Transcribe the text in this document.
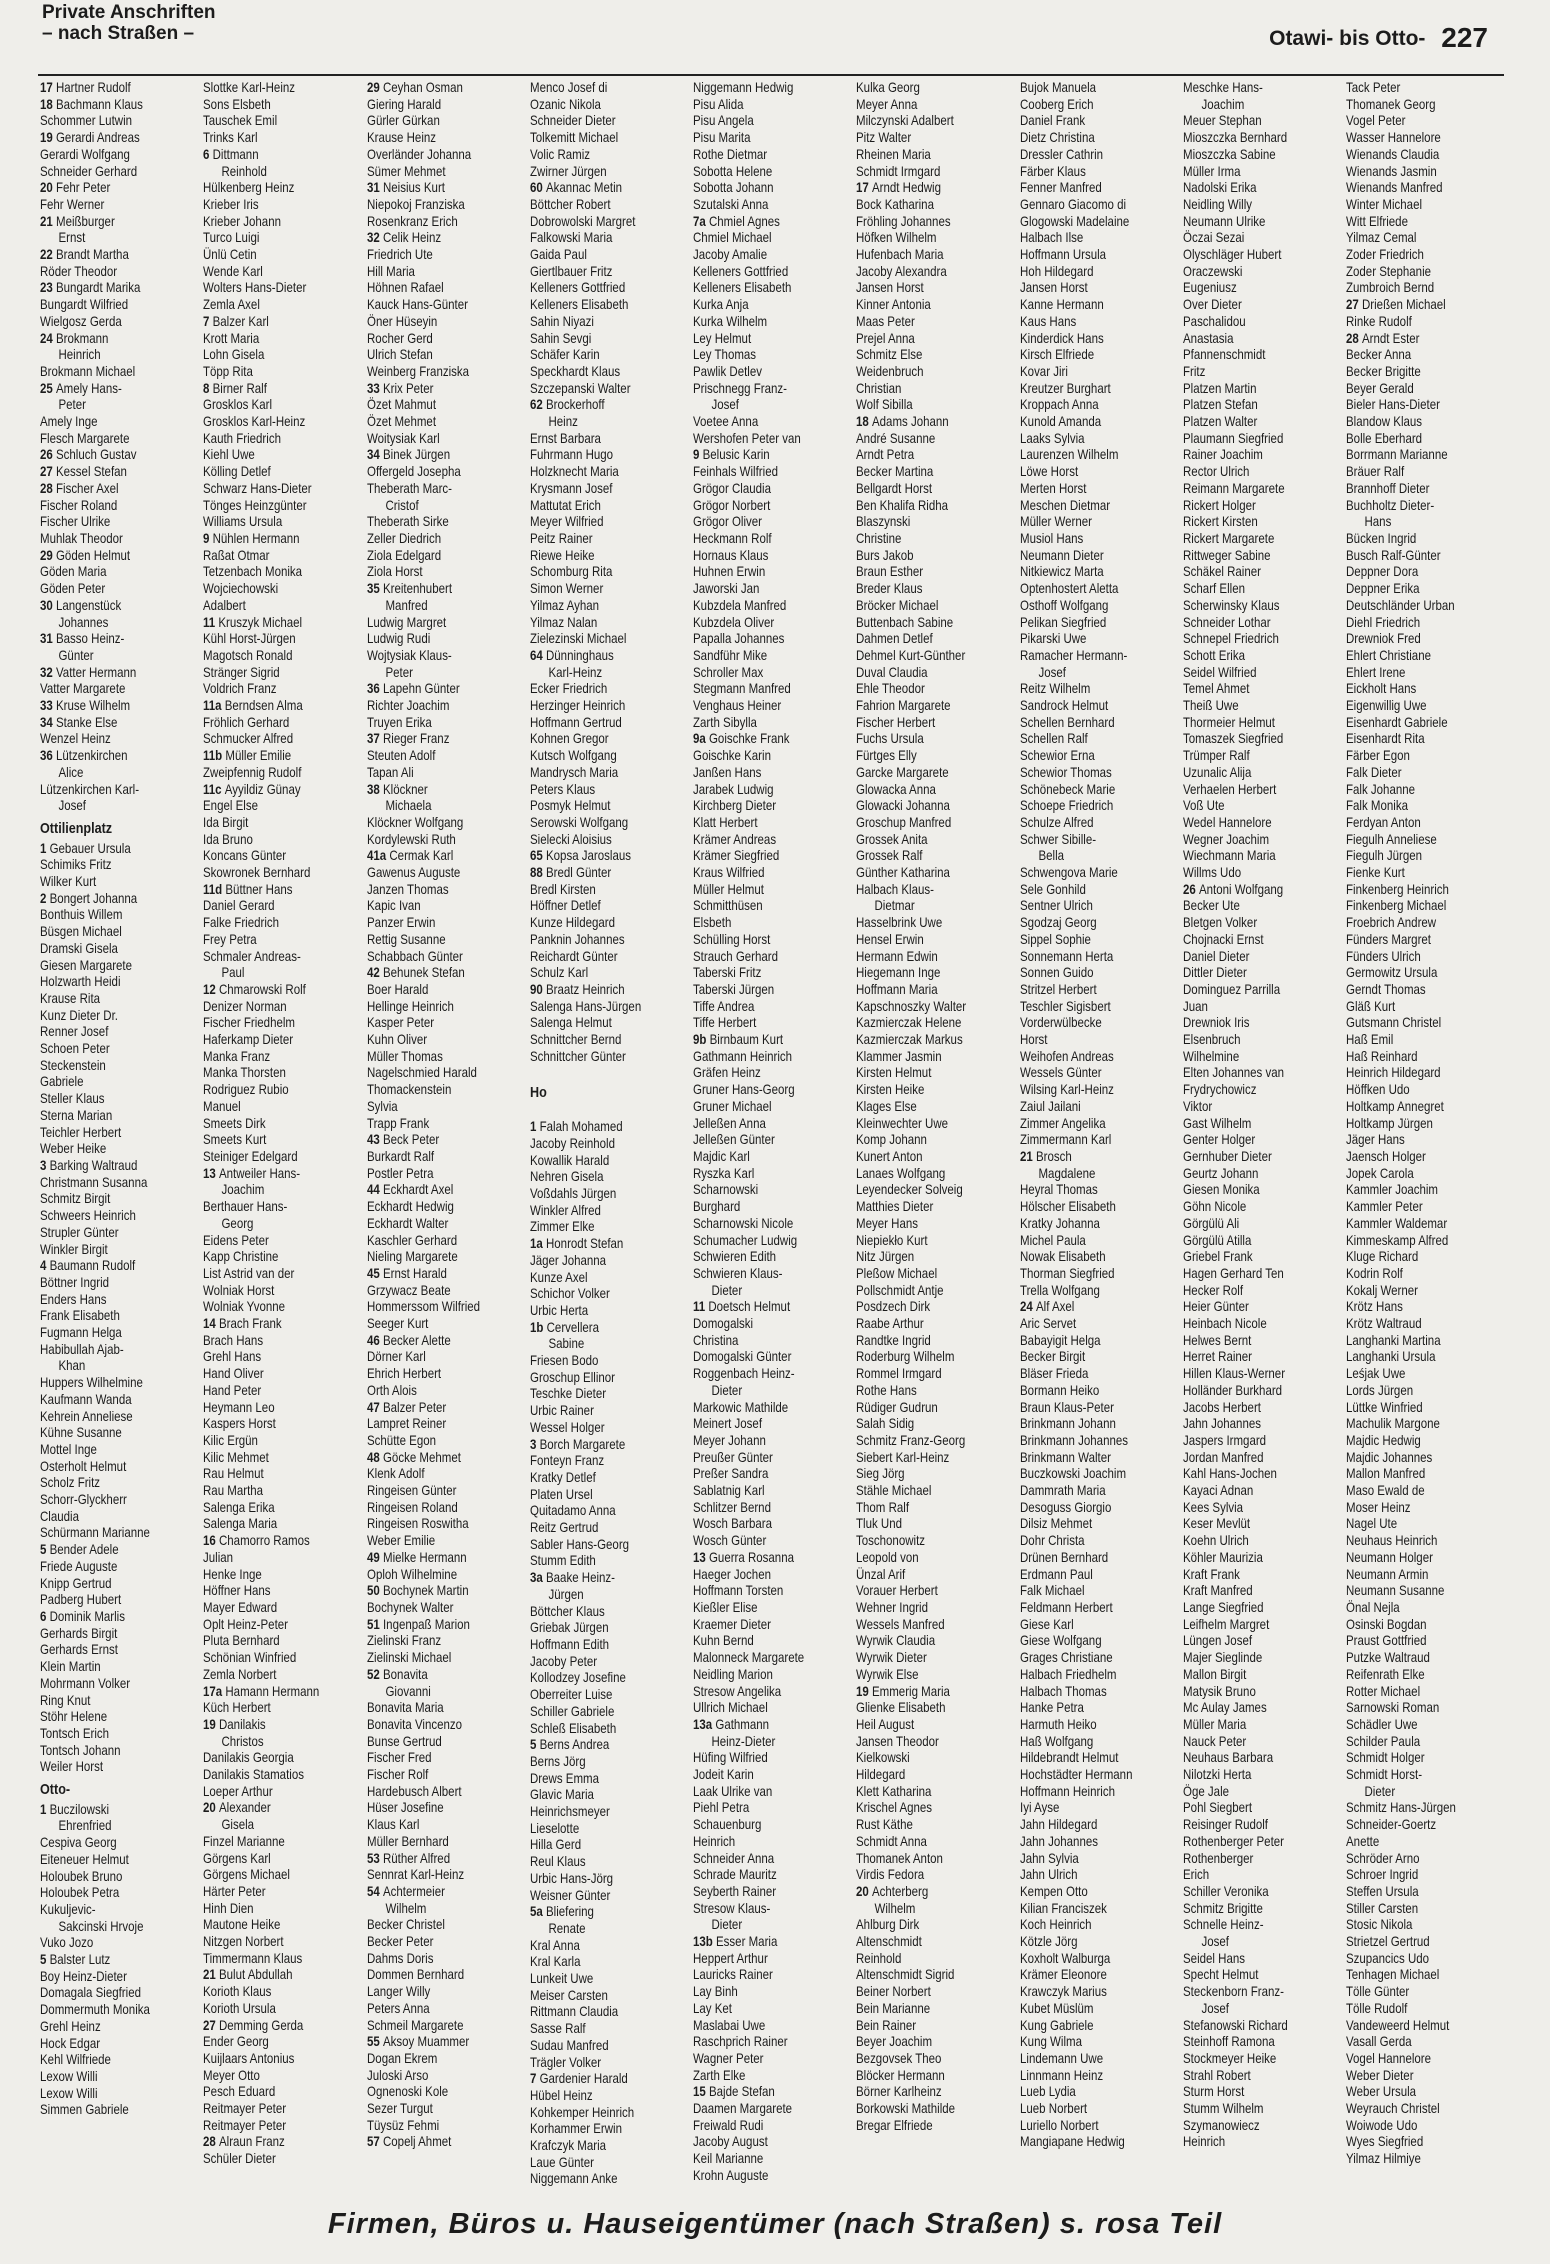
Private Anschriften
– nach Straßen –	Otawi- bis Otto- 227
17 Hartner Rudolf
18 Bachmann Klaus
Schommer Lutwin
19 Gerardi Andreas
Gerardi Wolfgang
Schneider Gerhard
20 Fehr Peter
Fehr Werner
21 Meißburger
Ernst
22 Brandt Martha
Röder Theodor
23 Bungardt Marika
Bungardt Wilfried
Wielgosz Gerda
24 Brokmann
Heinrich
Brokmann Michael
25 Amely Hans-
Peter
Amely Inge
Flesch Margarete
26 Schluch Gustav
27 Kessel Stefan
28 Fischer Axel
Fischer Roland
Fischer Ulrike
Muhlak Theodor
29 Göden Helmut
Göden Maria
Göden Peter
30 Langenstück
Johannes
31 Basso Heinz-
Günter
32 Vatter Hermann
Vatter Margarete
33 Kruse Wilhelm
34 Stanke Else
Wenzel Heinz
36 Lützenkirchen
Alice
Lützenkirchen Karl-
Josef
Ottilienplatz
1 Gebauer Ursula
Schimiks Fritz
Wilker Kurt
2 Bongert Johanna
Bonthuis Willem
Büsgen Michael
Dramski Gisela
Giesen Margarete
Holzwarth Heidi
Krause Rita
Kunz Dieter Dr.
Renner Josef
Schoen Peter
Steckenstein
Gabriele
Steller Klaus
Sterna Marian
Teichler Herbert
Weber Heike
3 Barking Waltraud
Christmann Susanna
Schmitz Birgit
Schweers Heinrich
Strupler Günter
Winkler Birgit
4 Baumann Rudolf
Böttner Ingrid
Enders Hans
Frank Elisabeth
Fugmann Helga
Habibullah Ajab-
Khan
Huppers Wilhelmine
Kaufmann Wanda
Kehrein Anneliese
Kühne Susanne
Mottel Inge
Osterholt Helmut
Scholz Fritz
Schorr-Glyckherr
Claudia
Schürmann Marianne
5 Bender Adele
Friede Auguste
Knipp Gertrud
Padberg Hubert
6 Dominik Marlis
Gerhards Birgit
Gerhards Ernst
Klein Martin
Mohrmann Volker
Ring Knut
Stöhr Helene
Tontsch Erich
Tontsch Johann
Weiler Horst
Otto-
1 Buczilowski
Ehrenfried
Cespiva Georg
Eiteneuer Helmut
Holoubek Bruno
Holoubek Petra
Kukuljevic-
Sakcinski Hrvoje
Vuko Jozo
5 Balster Lutz
Boy Heinz-Dieter
Domagala Siegfried
Dommermuth Monika
Grehl Heinz
Hock Edgar
Kehl Wilfriede
Lexow Willi
Lexow Willi
Simmen Gabriele
Slottke Karl-Heinz
Sons Elsbeth
Tauschek Emil
Trinks Karl
6 Dittmann
Reinhold
Hülkenberg Heinz
Krieber Iris
Krieber Johann
Turco Luigi
Ünlü Cetin
Wende Karl
Wolters Hans-Dieter
Zemla Axel
7 Balzer Karl
Krott Maria
Lohn Gisela
Töpp Rita
8 Birner Ralf
Grosklos Karl
Grosklos Karl-Heinz
Kauth Friedrich
Kiehl Uwe
Kölling Detlef
Schwarz Hans-Dieter
Tönges Heinzgünter
Williams Ursula
9 Nühlen Hermann
Raßat Otmar
Tetzenbach Monika
Wojciechowski
Adalbert
11 Kruszyk Michael
Kühl Horst-Jürgen
Magotsch Ronald
Stränger Sigrid
Voldrich Franz
11a Berndsen Alma
Fröhlich Gerhard
Schmucker Alfred
11b Müller Emilie
Zweipfennig Rudolf
11c Ayyildiz Günay
Engel Else
Ida Birgit
Ida Bruno
Koncans Günter
Skowronek Bernhard
11d Büttner Hans
Daniel Gerard
Falke Friedrich
Frey Petra
Schmaler Andreas-
Paul
12 Chmarowski Rolf
Denizer Norman
Fischer Friedhelm
Haferkamp Dieter
Manka Franz
Manka Thorsten
Rodriguez Rubio
Manuel
Smeets Dirk
Smeets Kurt
Steiniger Edelgard
13 Antweiler Hans-
Joachim
Berthauer Hans-
Georg
Eidens Peter
Kapp Christine
List Astrid van der
Wolniak Horst
Wolniak Yvonne
14 Brach Frank
Brach Hans
Grehl Hans
Hand Oliver
Hand Peter
Heymann Leo
Kaspers Horst
Kilic Ergün
Kilic Mehmet
Rau Helmut
Rau Martha
Salenga Erika
Salenga Maria
16 Chamorro Ramos
Julian
Henke Inge
Höffner Hans
Mayer Edward
Oplt Heinz-Peter
Pluta Bernhard
Schönian Winfried
Zemla Norbert
17a Hamann Hermann
Küch Herbert
19 Danilakis
Christos
Danilakis Georgia
Danilakis Stamatios
Loeper Arthur
20 Alexander
Gisela
Finzel Marianne
Görgens Karl
Görgens Michael
Härter Peter
Hinh Dien
Mautone Heike
Nitzgen Norbert
Timmermann Klaus
21 Bulut Abdullah
Korioth Klaus
Korioth Ursula
27 Demming Gerda
Ender Georg
Kuijlaars Antonius
Meyer Otto
Pesch Eduard
Reitmayer Peter
Reitmayer Peter
28 Alraun Franz
Schüler Dieter
29 Ceyhan Osman
Giering Harald
Gürler Gürkan
Krause Heinz
Overländer Johanna
Sümer Mehmet
31 Neisius Kurt
Niepokoj Franziska
Rosenkranz Erich
32 Celik Heinz
Friedrich Ute
Hill Maria
Höhnen Rafael
Kauck Hans-Günter
Öner Hüseyin
Rocher Gerd
Ulrich Stefan
Weinberg Franziska
33 Krix Peter
Özet Mahmut
Özet Mehmet
Woitysiak Karl
34 Binek Jürgen
Offergeld Josepha
Theberath Marc-
Cristof
Theberath Sirke
Zeller Diedrich
Ziola Edelgard
Ziola Horst
35 Kreitenhubert
Manfred
Ludwig Margret
Ludwig Rudi
Wojtysiak Klaus-
Peter
36 Lapehn Günter
Richter Joachim
Truyen Erika
37 Rieger Franz
Steuten Adolf
Tapan Ali
38 Klöckner
Michaela
Klöckner Wolfgang
Kordylewski Ruth
41a Cermak Karl
Gawenus Auguste
Janzen Thomas
Kapic Ivan
Panzer Erwin
Rettig Susanne
Schabbach Günter
42 Behunek Stefan
Boer Harald
Hellinge Heinrich
Kasper Peter
Kuhn Oliver
Müller Thomas
Nagelschmied Harald
Thomackenstein
Sylvia
Trapp Frank
43 Beck Peter
Burkardt Ralf
Postler Petra
44 Eckhardt Axel
Eckhardt Hedwig
Eckhardt Walter
Kaschler Gerhard
Nieling Margarete
45 Ernst Harald
Grzywacz Beate
Hommerssom Wilfried
Seeger Kurt
46 Becker Alette
Dörner Karl
Ehrich Herbert
Orth Alois
47 Balzer Peter
Lampret Reiner
Schütte Egon
48 Göcke Mehmet
Klenk Adolf
Ringeisen Günter
Ringeisen Roland
Ringeisen Roswitha
Weber Emilie
49 Mielke Hermann
Oploh Wilhelmine
50 Bochynek Martin
Bochynek Walter
51 Ingenpaß Marion
Zielinski Franz
Zielinski Michael
52 Bonavita
Giovanni
Bonavita Maria
Bonavita Vincenzo
Bunse Gertrud
Fischer Fred
Fischer Rolf
Hardebusch Albert
Hüser Josefine
Klaus Karl
Müller Bernhard
53 Rüther Alfred
Sennrat Karl-Heinz
54 Achtermeier
Wilhelm
Becker Christel
Becker Peter
Dahms Doris
Dommen Bernhard
Langer Willy
Peters Anna
Schmeil Margarete
55 Aksoy Muammer
Dogan Ekrem
Juloski Arso
Ognenoski Kole
Sezer Turgut
Tüysüz Fehmi
57 Copelj Ahmet
Menco Josef di
Ozanic Nikola
Schneider Dieter
Tolkemitt Michael
Volic Ramiz
Zwirner Jürgen
60 Akannac Metin
Böttcher Robert
Dobrowolski Margret
Falkowski Maria
Gaida Paul
Giertlbauer Fritz
Kelleners Gottfried
Kelleners Elisabeth
Sahin Niyazi
Sahin Sevgi
Schäfer Karin
Speckhardt Klaus
Szczepanski Walter
62 Brockerhoff
Heinz
Ernst Barbara
Fuhrmann Hugo
Holzknecht Maria
Krysmann Josef
Mattutat Erich
Meyer Wilfried
Peitz Rainer
Riewe Heike
Schomburg Rita
Simon Werner
Yilmaz Ayhan
Yilmaz Nalan
Zielezinski Michael
64 Dünninghaus
Karl-Heinz
Ecker Friedrich
Herzinger Heinrich
Hoffmann Gertrud
Kohnen Gregor
Kutsch Wolfgang
Mandrysch Maria
Peters Klaus
Posmyk Helmut
Serowski Wolfgang
Sielecki Aloisius
65 Kopsa Jaroslaus
88 Bredl Günter
Bredl Kirsten
Höffner Detlef
Kunze Hildegard
Panknin Johannes
Reichardt Günter
Schulz Karl
90 Braatz Heinrich
Salenga Hans-Jürgen
Salenga Helmut
Schnittcher Bernd
Schnittcher Günter
Ho
1 Falah Mohamed
Jacoby Reinhold
Kowallik Harald
Nehren Gisela
Voßdahls Jürgen
Winkler Alfred
Zimmer Elke
1a Honrodt Stefan
Jäger Johanna
Kunze Axel
Schichor Volker
Urbic Herta
1b Cervellera
Sabine
Friesen Bodo
Groschup Ellinor
Teschke Dieter
Urbic Rainer
Wessel Holger
3 Borch Margarete
Fonteyn Franz
Kratky Detlef
Platen Ursel
Quitadamo Anna
Reitz Gertrud
Sabler Hans-Georg
Stumm Edith
3a Baake Heinz-
Jürgen
Böttcher Klaus
Griebak Jürgen
Hoffmann Edith
Jacoby Peter
Kollodzey Josefine
Oberreiter Luise
Schiller Gabriele
Schleß Elisabeth
5 Berns Andrea
Berns Jörg
Drews Emma
Glavic Maria
Heinrichsmeyer
Lieselotte
Hilla Gerd
Reul Klaus
Urbic Hans-Jörg
Weisner Günter
5a Bliefering
Renate
Kral Anna
Kral Karla
Lunkeit Uwe
Meiser Carsten
Rittmann Claudia
Sasse Ralf
Sudau Manfred
Trägler Volker
7 Gardenier Harald
Hübel Heinz
Kohkemper Heinrich
Korhammer Erwin
Krafczyk Maria
Laue Günter
Niggemann Anke
Niggemann Hedwig
Pisu Alida
Pisu Angela
Pisu Marita
Rothe Dietmar
Sobotta Helene
Sobotta Johann
Szutalski Anna
7a Chmiel Agnes
Chmiel Michael
Jacoby Amalie
Kelleners Gottfried
Kelleners Elisabeth
Kurka Anja
Kurka Wilhelm
Ley Helmut
Ley Thomas
Pawlik Detlev
Prischnegg Franz-
Josef
Voetee Anna
Wershofen Peter van
9 Belusic Karin
Feinhals Wilfried
Grögor Claudia
Grögor Norbert
Grögor Oliver
Heckmann Rolf
Hornaus Klaus
Huhnen Erwin
Jaworski Jan
Kubzdela Manfred
Kubzdela Oliver
Papalla Johannes
Sandführ Mike
Schroller Max
Stegmann Manfred
Venghaus Heiner
Zarth Sibylla
9a Goischke Frank
Goischke Karin
Janßen Hans
Jarabek Ludwig
Kirchberg Dieter
Klatt Herbert
Krämer Andreas
Krämer Siegfried
Kraus Wilfried
Müller Helmut
Schmitthüsen
Elsbeth
Schülling Horst
Strauch Gerhard
Taberski Fritz
Taberski Jürgen
Tiffe Andrea
Tiffe Herbert
9b Birnbaum Kurt
Gathmann Heinrich
Gräfen Heinz
Gruner Hans-Georg
Gruner Michael
Jelleßen Anna
Jelleßen Günter
Majdic Karl
Ryszka Karl
Scharnowski
Burghard
Scharnowski Nicole
Schumacher Ludwig
Schwieren Edith
Schwieren Klaus-
Dieter
11 Doetsch Helmut
Domogalski
Christina
Domogalski Günter
Roggenbach Heinz-
Dieter
Markowic Mathilde
Meinert Josef
Meyer Johann
Preußer Günter
Preßer Sandra
Sablatnig Karl
Schlitzer Bernd
Wosch Barbara
Wosch Günter
13 Guerra Rosanna
Haeger Jochen
Hoffmann Torsten
Kießler Elise
Kraemer Dieter
Kuhn Bernd
Malonneck Margarete
Neidling Marion
Stresow Angelika
Ullrich Michael
13a Gathmann
Heinz-Dieter
Hüfing Wilfried
Jodeit Karin
Laak Ulrike van
Piehl Petra
Schauenburg
Heinrich
Schneider Anna
Schrade Mauritz
Seyberth Rainer
Stresow Klaus-
Dieter
13b Esser Maria
Heppert Arthur
Lauricks Rainer
Lay Binh
Lay Ket
Maslabai Uwe
Raschprich Rainer
Wagner Peter
Zarth Elke
15 Bajde Stefan
Daamen Margarete
Freiwald Rudi
Jacoby August
Keil Marianne
Krohn Auguste
Kulka Georg
Meyer Anna
Milczynski Adalbert
Pitz Walter
Rheinen Maria
Schmidt Irmgard
17 Arndt Hedwig
Bock Katharina
Fröhling Johannes
Höfken Wilhelm
Hufenbach Maria
Jacoby Alexandra
Jansen Horst
Kinner Antonia
Maas Peter
Prejel Anna
Schmitz Else
Weidenbruch
Christian
Wolf Sibilla
18 Adams Johann
André Susanne
Arndt Petra
Becker Martina
Bellgardt Horst
Ben Khalifa Ridha
Blaszynski
Christine
Burs Jakob
Braun Esther
Breder Klaus
Bröcker Michael
Buttenbach Sabine
Dahmen Detlef
Dehmel Kurt-Günther
Duval Claudia
Ehle Theodor
Fahrion Margarete
Fischer Herbert
Fuchs Ursula
Fürtges Elly
Garcke Margarete
Glowacka Anna
Glowacki Johanna
Groschup Manfred
Grossek Anita
Grossek Ralf
Günther Katharina
Halbach Klaus-
Dietmar
Hasselbrink Uwe
Hensel Erwin
Hermann Edwin
Hiegemann Inge
Hoffmann Maria
Kapschnoszky Walter
Kazmierczak Helene
Kazmierczak Markus
Klammer Jasmin
Kirsten Helmut
Kirsten Heike
Klages Else
Kleinwechter Uwe
Komp Johann
Kunert Anton
Lanaes Wolfgang
Leyendecker Solveig
Matthies Dieter
Meyer Hans
Niepiekło Kurt
Nitz Jürgen
Pleßow Michael
Pollschmidt Antje
Posdzech Dirk
Raabe Arthur
Randtke Ingrid
Roderburg Wilhelm
Rommel Irmgard
Rothe Hans
Rüdiger Gudrun
Salah Sidig
Schmitz Franz-Georg
Siebert Karl-Heinz
Sieg Jörg
Stähle Michael
Thom Ralf
Tluk Und
Toschonowitz
Leopold von
Ünzal Arif
Vorauer Herbert
Wehner Ingrid
Wessels Manfred
Wyrwik Claudia
Wyrwik Dieter
Wyrwik Else
19 Emmerig Maria
Glienke Elisabeth
Heil August
Jansen Theodor
Kielkowski
Hildegard
Klett Katharina
Krischel Agnes
Rust Käthe
Schmidt Anna
Thomanek Anton
Virdis Fedora
20 Achterberg
Wilhelm
Ahlburg Dirk
Altenschmidt
Reinhold
Altenschmidt Sigrid
Beiner Norbert
Bein Marianne
Bein Rainer
Beyer Joachim
Bezgovsek Theo
Blöcker Hermann
Börner Karlheinz
Borkowski Mathilde
Bregar Elfriede
Bujok Manuela
Cooberg Erich
Daniel Frank
Dietz Christina
Dressler Cathrin
Färber Klaus
Fenner Manfred
Gennaro Giacomo di
Glogowski Madelaine
Halbach Ilse
Hoffmann Ursula
Hoh Hildegard
Jansen Horst
Kanne Hermann
Kaus Hans
Kinderdick Hans
Kirsch Elfriede
Kovar Jiri
Kreutzer Burghart
Kroppach Anna
Kunold Amanda
Laaks Sylvia
Laurenzen Wilhelm
Löwe Horst
Merten Horst
Meschen Dietmar
Müller Werner
Musiol Hans
Neumann Dieter
Nitkiewicz Marta
Optenhostert Aletta
Osthoff Wolfgang
Pelikan Siegfried
Pikarski Uwe
Ramacher Hermann-
Josef
Reitz Wilhelm
Sandrock Helmut
Schellen Bernhard
Schellen Ralf
Schewior Erna
Schewior Thomas
Schönebeck Marie
Schoepe Friedrich
Schulze Alfred
Schwer Sibille-
Bella
Schwengova Marie
Sele Gonhild
Sentner Ulrich
Sgodzaj Georg
Sippel Sophie
Sonnemann Herta
Sonnen Guido
Stritzel Herbert
Teschler Sigisbert
Vorderwülbecke
Horst
Weihofen Andreas
Wessels Günter
Wilsing Karl-Heinz
Zaiul Jailani
Zimmer Angelika
Zimmermann Karl
21 Brosch
Magdalene
Heyral Thomas
Hölscher Elisabeth
Kratky Johanna
Michel Paula
Nowak Elisabeth
Thorman Siegfried
Trella Wolfgang
24 Alf Axel
Aric Servet
Babayigit Helga
Becker Birgit
Bläser Frieda
Bormann Heiko
Braun Klaus-Peter
Brinkmann Johann
Brinkmann Johannes
Brinkmann Walter
Buczkowski Joachim
Dammrath Maria
Desoguss Giorgio
Dilsiz Mehmet
Dohr Christa
Drünen Bernhard
Erdmann Paul
Falk Michael
Feldmann Herbert
Giese Karl
Giese Wolfgang
Grages Christiane
Halbach Friedhelm
Halbach Thomas
Hanke Petra
Harmuth Heiko
Haß Wolfgang
Hildebrandt Helmut
Hochstädter Hermann
Hoffmann Heinrich
Iyi Ayse
Jahn Hildegard
Jahn Johannes
Jahn Sylvia
Jahn Ulrich
Kempen Otto
Kilian Franciszek
Koch Heinrich
Kötzle Jörg
Koxholt Walburga
Krämer Eleonore
Krawczyk Marius
Kubet Müslüm
Kung Gabriele
Kung Wilma
Lindemann Uwe
Linnmann Heinz
Lueb Lydia
Lueb Norbert
Luriello Norbert
Mangiapane Hedwig
Meschke Hans-
Joachim
Meuer Stephan
Mioszczka Bernhard
Mioszczka Sabine
Müller Irma
Nadolski Erika
Neidling Willy
Neumann Ulrike
Öczai Sezai
Olyschläger Hubert
Oraczewski
Eugeniusz
Over Dieter
Paschalidou
Anastasia
Pfannenschmidt
Fritz
Platzen Martin
Platzen Stefan
Platzen Walter
Plaumann Siegfried
Rainer Joachim
Rector Ulrich
Reimann Margarete
Rickert Holger
Rickert Kirsten
Rickert Margarete
Rittweger Sabine
Schäkel Rainer
Scharf Ellen
Scherwinsky Klaus
Schneider Lothar
Schnepel Friedrich
Schott Erika
Seidel Wilfried
Temel Ahmet
Theiß Uwe
Thormeier Helmut
Tomaszek Siegfried
Trümper Ralf
Uzunalic Alija
Verhaelen Herbert
Voß Ute
Wedel Hannelore
Wegner Joachim
Wiechmann Maria
Willms Udo
26 Antoni Wolfgang
Becker Ute
Bletgen Volker
Chojnacki Ernst
Daniel Dieter
Dittler Dieter
Dominguez Parrilla
Juan
Drewniok Iris
Elsenbruch
Wilhelmine
Elten Johannes van
Frydrychowicz
Viktor
Gast Wilhelm
Genter Holger
Gernhuber Dieter
Geurtz Johann
Giesen Monika
Göhn Nicole
Görgülü Ali
Görgülü Atilla
Griebel Frank
Hagen Gerhard Ten
Hecker Rolf
Heier Günter
Heinbach Nicole
Helwes Bernt
Herret Rainer
Hillen Klaus-Werner
Holländer Burkhard
Jacobs Herbert
Jahn Johannes
Jaspers Irmgard
Jordan Manfred
Kahl Hans-Jochen
Kayaci Adnan
Kees Sylvia
Keser Mevlüt
Koehn Ulrich
Köhler Maurizia
Kraft Frank
Kraft Manfred
Lange Siegfried
Leifhelm Margret
Lüngen Josef
Majer Sieglinde
Mallon Birgit
Matysik Bruno
Mc Aulay James
Müller Maria
Nauck Peter
Neuhaus Barbara
Nilotzki Herta
Öge Jale
Pohl Siegbert
Reisinger Rudolf
Rothenberger Peter
Rothenberger
Erich
Schiller Veronika
Schmitz Brigitte
Schnelle Heinz-
Josef
Seidel Hans
Specht Helmut
Steckenborn Franz-
Josef
Stefanowski Richard
Steinhoff Ramona
Stockmeyer Heike
Strahl Robert
Sturm Horst
Stumm Wilhelm
Szymanowiecz
Heinrich
Tack Peter
Thomanek Georg
Vogel Peter
Wasser Hannelore
Wienands Claudia
Wienands Jasmin
Wienands Manfred
Winter Michael
Witt Elfriede
Yilmaz Cemal
Zoder Friedrich
Zoder Stephanie
Zumbroich Bernd
27 Drießen Michael
Rinke Rudolf
28 Arndt Ester
Becker Anna
Becker Brigitte
Beyer Gerald
Bieler Hans-Dieter
Blandow Klaus
Bolle Eberhard
Borrmann Marianne
Bräuer Ralf
Brannhoff Dieter
Buchholtz Dieter-
Hans
Bücken Ingrid
Busch Ralf-Günter
Deppner Dora
Deppner Erika
Deutschländer Urban
Diehl Friedrich
Drewniok Fred
Ehlert Christiane
Ehlert Irene
Eickholt Hans
Eigenwillig Uwe
Eisenhardt Gabriele
Eisenhardt Rita
Färber Egon
Falk Dieter
Falk Johanne
Falk Monika
Ferdyan Anton
Fiegulh Anneliese
Fiegulh Jürgen
Fienke Kurt
Finkenberg Heinrich
Finkenberg Michael
Froebrich Andrew
Fünders Margret
Fünders Ulrich
Germowitz Ursula
Gerndt Thomas
Gläß Kurt
Gutsmann Christel
Haß Emil
Haß Reinhard
Heinrich Hildegard
Höffken Udo
Holtkamp Annegret
Holtkamp Jürgen
Jäger Hans
Jaensch Holger
Jopek Carola
Kammler Joachim
Kammler Peter
Kammler Waldemar
Kimmeskamp Alfred
Kluge Richard
Kodrin Rolf
Kokalj Werner
Krötz Hans
Krötz Waltraud
Langhanki Martina
Langhanki Ursula
Leśjak Uwe
Lords Jürgen
Lüttke Winfried
Machulik Margone
Majdic Hedwig
Majdic Johannes
Mallon Manfred
Maso Ewald de
Moser Heinz
Nagel Ute
Neuhaus Heinrich
Neumann Holger
Neumann Armin
Neumann Susanne
Önal Nejla
Osinski Bogdan
Praust Gottfried
Putzke Waltraud
Reifenrath Elke
Rotter Michael
Sarnowski Roman
Schädler Uwe
Schilder Paula
Schmidt Holger
Schmidt Horst-
Dieter
Schmitz Hans-Jürgen
Schneider-Goertz
Anette
Schröder Arno
Schroer Ingrid
Steffen Ursula
Stiller Carsten
Stosic Nikola
Strietzel Gertrud
Szupancics Udo
Tenhagen Michael
Tölle Günter
Tölle Rudolf
Vandeweerd Helmut
Vasall Gerda
Vogel Hannelore
Weber Dieter
Weber Ursula
Weyrauch Christel
Woiwode Udo
Wyes Siegfried
Yilmaz Hilmiye
Firmen, Büros u. Hauseigentümer (nach Straßen) s. rosa Teil
